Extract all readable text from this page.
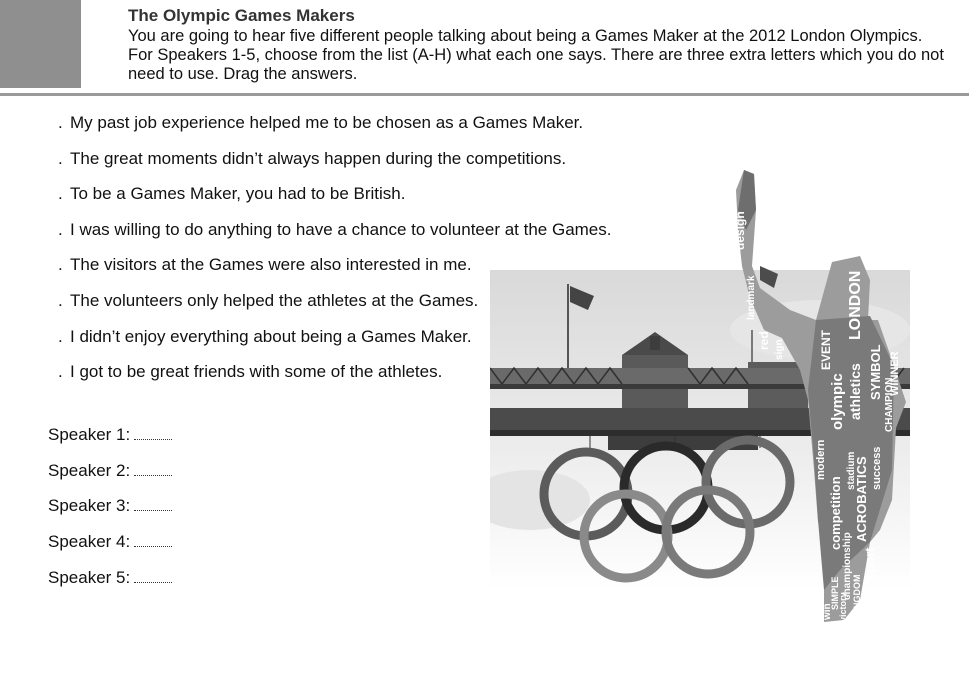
The Olympic Games Makers
You are going to hear five different people talking about being a Games Maker at the 2012 London Olympics. For Speakers 1-5, choose from the list (A-H) what each one says. There are three extra letters which you do not need to use. Drag the answers.
. My past job experience helped me to be chosen as a Games Maker.
. The great moments didn’t always happen during the competitions.
. To be a Games Maker, you had to be British.
. I was willing to do anything to have a chance to volunteer at the Games.
. The visitors at the Games were also interested in me.
. The volunteers only helped the athletes at the Games.
. I didn’t enjoy everything about being a Games Maker.
. I got to be great friends with some of the athletes.
Speaker 1:
Speaker 2:
Speaker 3:
Speaker 4:
Speaker 5:
design
landmark
red sign	EVENT
LONDON
olympic athletics SYMBOL WINNER
CHAMPION
ACROBATICS
competition
modern	success
stadium
sport
championship
SIMPLE KINGDOM
win victory
